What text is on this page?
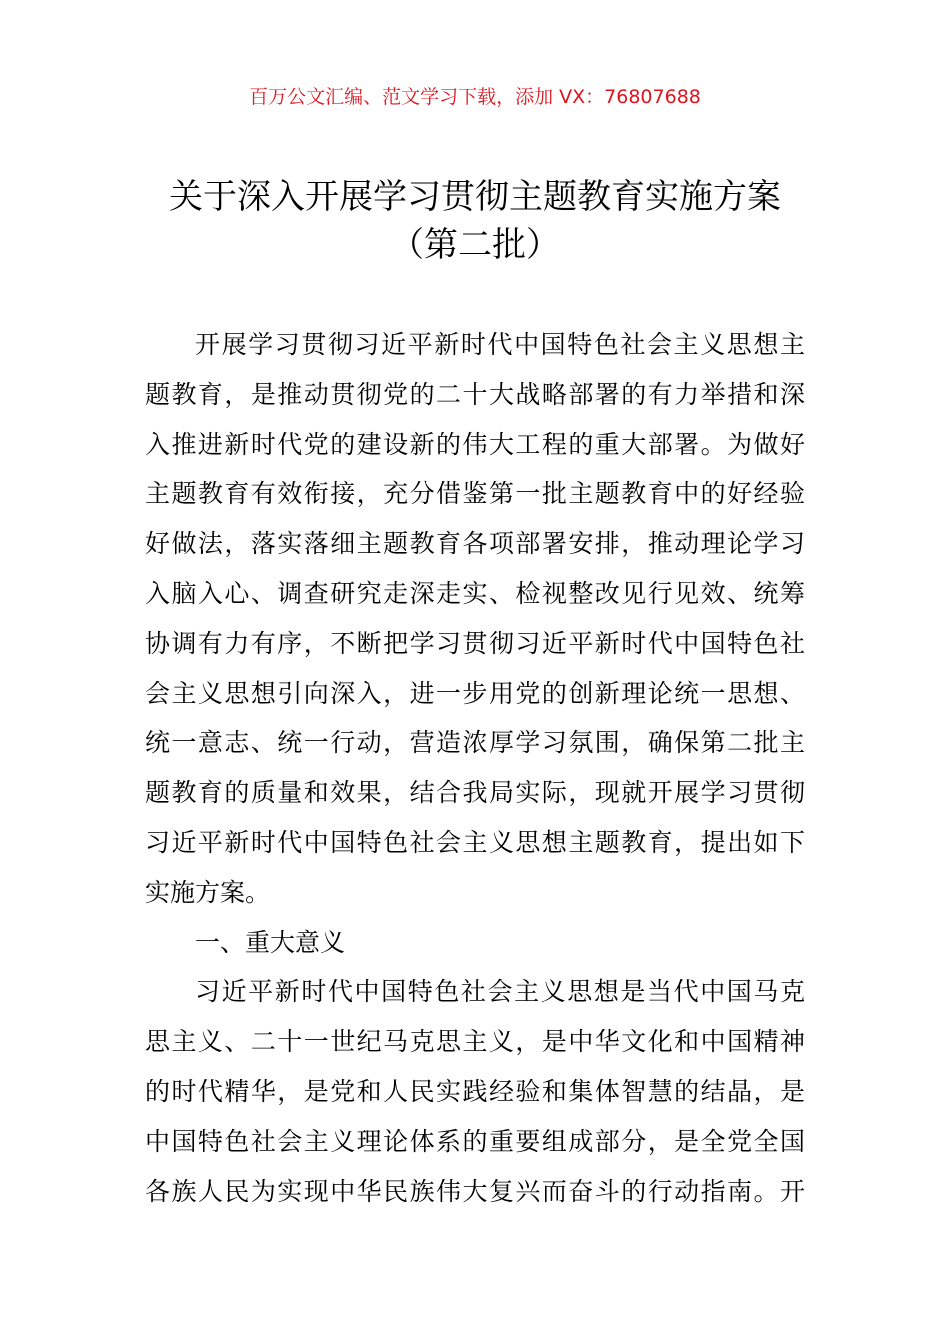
百万公文汇编、范文学习下载，添加 VX：76807688
关于深入开展学习贯彻主题教育实施方案
（第二批）
开展学习贯彻习近平新时代中国特色社会主义思想主
题教育，是推动贯彻党的二十大战略部署的有力举措和深
入推进新时代党的建设新的伟大工程的重大部署。为做好
主题教育有效衔接，充分借鉴第一批主题教育中的好经验
好做法，落实落细主题教育各项部署安排，推动理论学习
入脑入心、调查研究走深走实、检视整改见行见效、统筹
协调有力有序，不断把学习贯彻习近平新时代中国特色社
会主义思想引向深入，进一步用党的创新理论统一思想、
统一意志、统一行动，营造浓厚学习氛围，确保第二批主
题教育的质量和效果，结合我局实际，现就开展学习贯彻
习近平新时代中国特色社会主义思想主题教育，提出如下
实施方案。
一、重大意义
习近平新时代中国特色社会主义思想是当代中国马克
思主义、二十一世纪马克思主义，是中华文化和中国精神
的时代精华，是党和人民实践经验和集体智慧的结晶，是
中国特色社会主义理论体系的重要组成部分，是全党全国
各族人民为实现中华民族伟大复兴而奋斗的行动指南。开
